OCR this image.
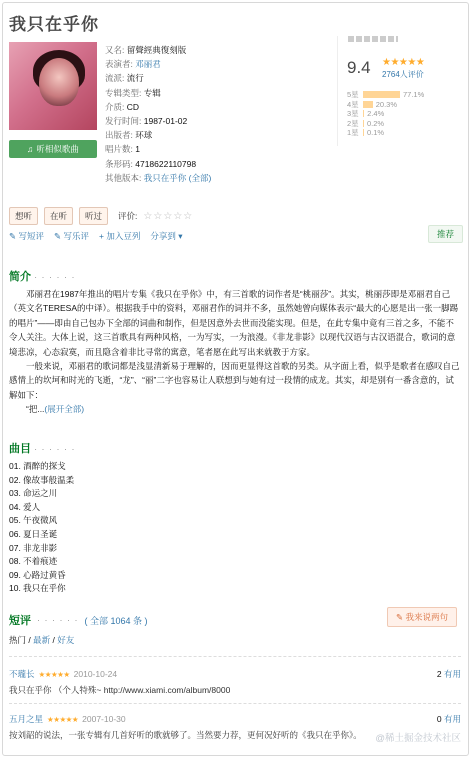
我只在乎你
♫ 听相似歌曲
又名: 留聲經典復刻版
表演者: 邓丽君
流派: 流行
专辑类型: 专辑
介质: CD
发行时间: 1987-01-02
出版者: 环球
唱片数: 1
条形码: 4718622110798
其他版本: 我只在乎你 (全部)
9.4 ★★★★★
2764人评价
5星	77.1%
4星	20.3%
3星	2.4%
2星	0.2%
1星	0.1%
想听	在听	听过	评价: ☆☆☆☆☆
✎ 写短评 ✎ 写乐评 + 加入豆列 分享到 ▾	推荐
简介 · · · · · ·

邓丽君在1987年推出的唱片专集《我只在乎你》中，有三首歌的词作者是“桃丽莎”。其实，桃丽莎即是邓丽君自己（英文名TERESA的中译）。根据我手中的资料，邓丽君作的词并不多，虽然她曾向媒体表示“最大的心愿是出一张一脚踢的唱片”——即由自己包办下全部的词曲和制作，但是因意外去世而没能实现。但是，在此专集中竟有三首之多，不能不令人关注。大体上说，这三首歌具有两种风格，一为写实，一为浪漫。《非龙非影》以现代汉语与古汉语混合，歌词的意境悲凉，心态寂寞，而且隐含着非比寻常的寓意，笔者愿在此写出来就教于方家。

一般来说，邓丽君的歌词都是浅显清新易于理解的，因而更显得这首歌的另类。从字面上看，似乎是歌者在感叹自己感情上的坎坷和时光的飞逝，“龙”、“丽”二字也容易让人联想到与她有过一段情的成龙。其实，却是别有一番含意的，试解如下：

“把...(展开全部)

曲目 · · · · · ·
01. 酒醉的探戈
02. 像故事般温柔
03. 命运之川
04. 爱人
05. 午夜微风
06. 夏日圣诞
07. 非龙非影
08. 不着痕迹
09. 心路过黄昏
10. 我只在乎你
短评 · · · · · · ( 全部 1064 条 )	✎ 我来说两句
热门 / 最新 / 好友
不瓏长 ★★★★★ 2010-10-24	2 有用
我只在乎你 （个人特殊~ http://www.xiami.com/album/8000
五月之星 ★★★★★ 2007-10-30	0 有用
按刘韶的说法，一张专辑有几首好听的歌就够了。当然要力荐，更何况好听的《我只在乎你》。	@稀土掘金技术社区
